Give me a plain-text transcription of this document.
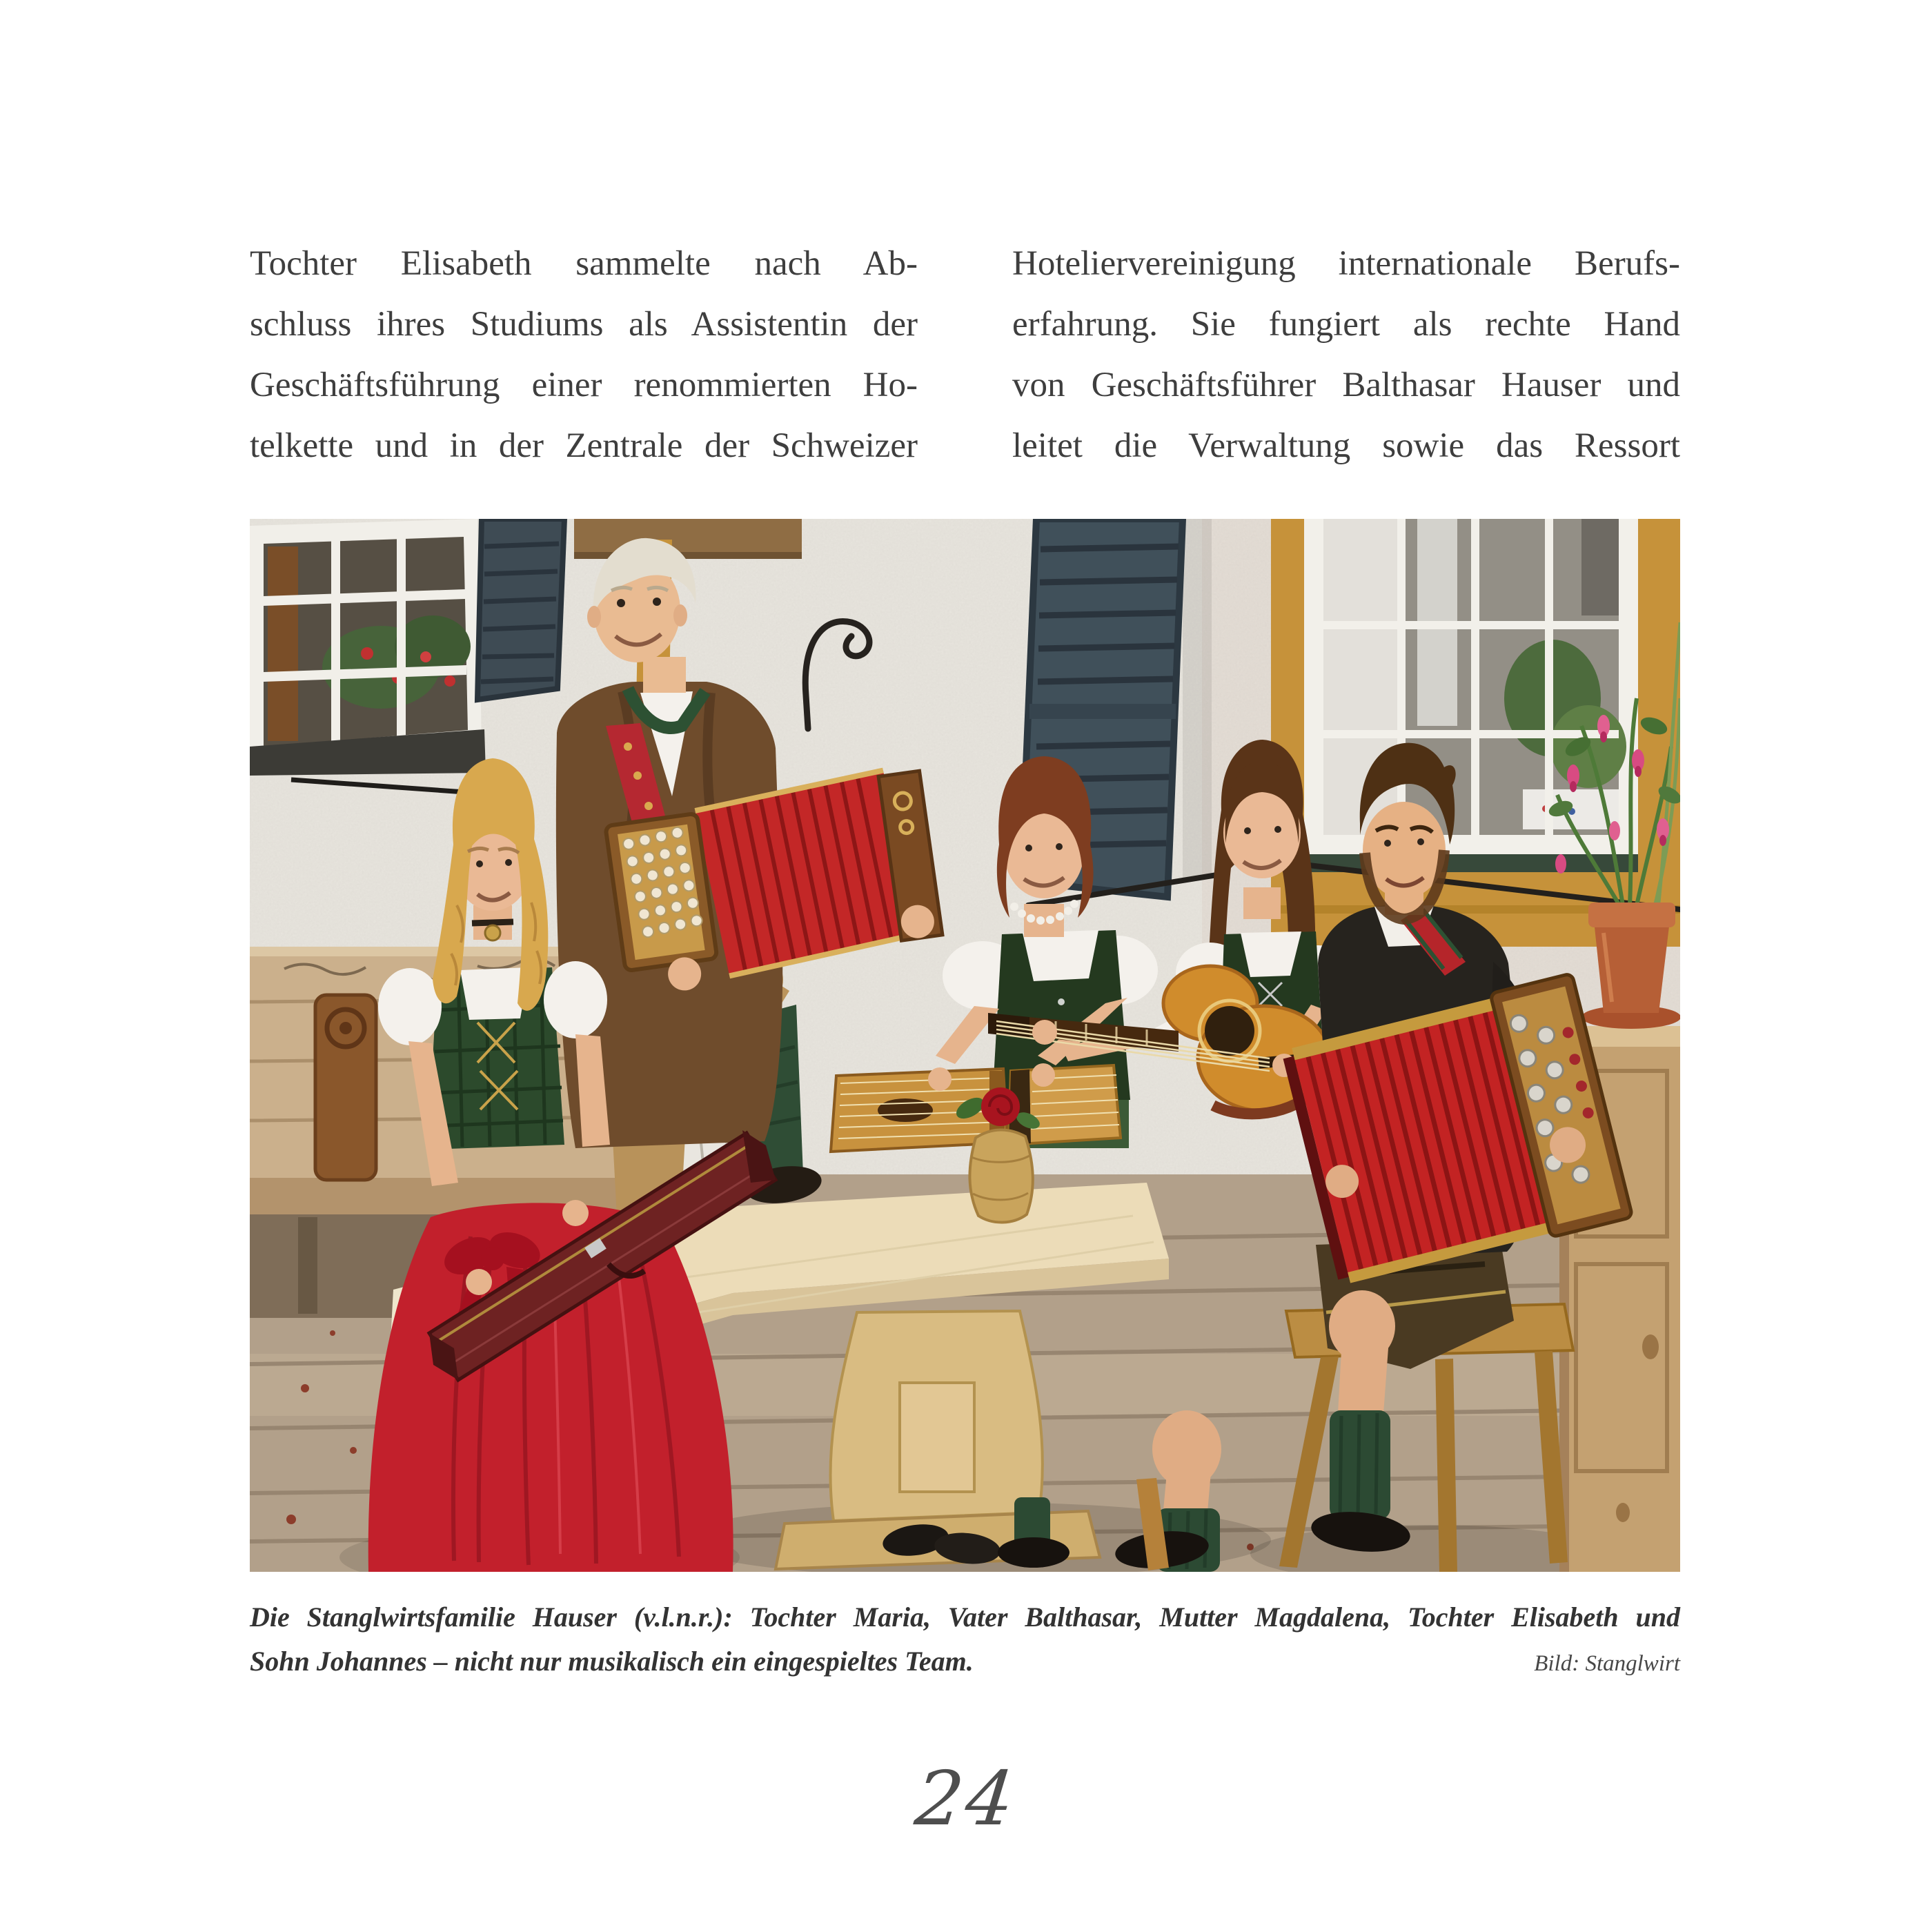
Tochter Elisabeth sammelte nach Ab-
schluss ihres Studiums als Assistentin der
Geschäftsführung einer renommierten Ho-
telkette und in der Zentrale der Schweizer
Hoteliervereinigung internationale Berufs-
erfahrung. Sie fungiert als rechte Hand
von Geschäftsführer Balthasar Hauser und
leitet die Verwaltung sowie das Ressort
Die Stanglwirtsfamilie Hauser (v.l.n.r.): Tochter Maria, Vater Balthasar, Mutter Magdalena, Tochter Elisabeth und
Sohn Johannes – nicht nur musikalisch ein eingespieltes Team.	Bild: Stanglwirt
24
